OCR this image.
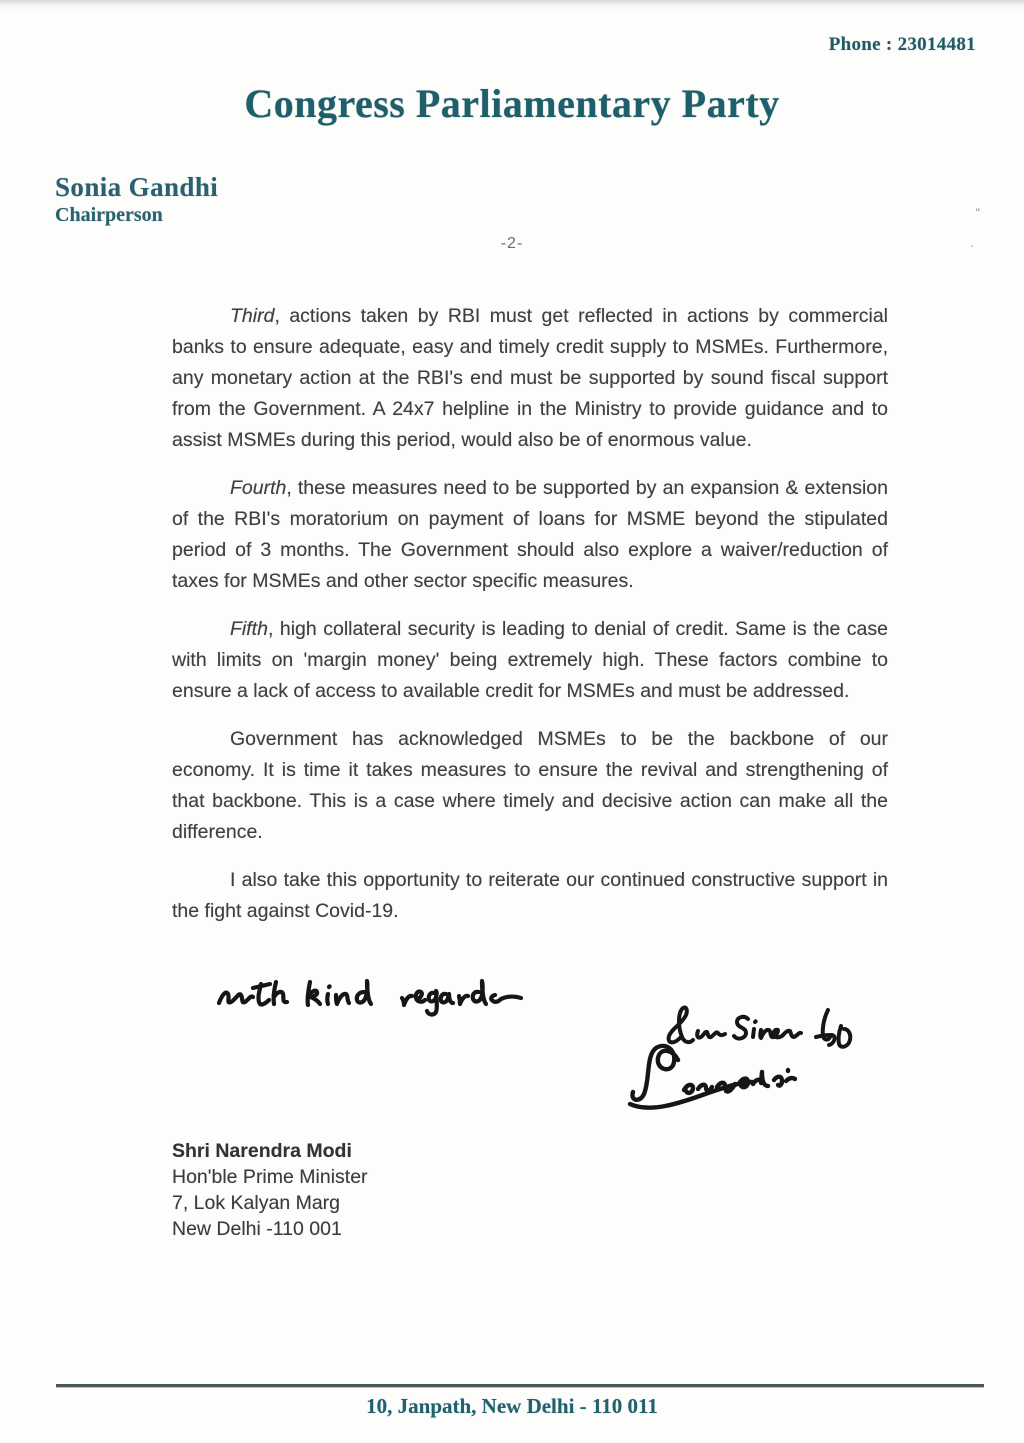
Phone : 23014481
Congress Parliamentary Party
Sonia Gandhi
Chairperson
-2-
“
·

Third, actions taken by RBI must get reflected in actions by commercial banks to ensure adequate, easy and timely credit supply to MSMEs. Furthermore, any monetary action at the RBI's end must be supported by sound fiscal support from the Government. A 24x7 helpline in the Ministry to provide guidance and to assist MSMEs during this period, would also be of enormous value.

Fourth, these measures need to be supported by an expansion & extension of the RBI's moratorium on payment of loans for MSME beyond the stipulated period of 3 months. The Government should also explore a waiver/reduction of taxes for MSMEs and other sector specific measures.

Fifth, high collateral security is leading to denial of credit. Same is the case with limits on 'margin money' being extremely high. These factors combine to ensure a lack of access to available credit for MSMEs and must be addressed.

Government has acknowledged MSMEs to be the backbone of our economy. It is time it takes measures to ensure the revival and strengthening of that backbone. This is a case where timely and decisive action can make all the difference.

I also take this opportunity to reiterate our continued constructive support in the fight against Covid-19.

Shri Narendra Modi
Hon'ble Prime Minister
7, Lok Kalyan Marg
New Delhi -110 001
10, Janpath, New Delhi - 110 011
